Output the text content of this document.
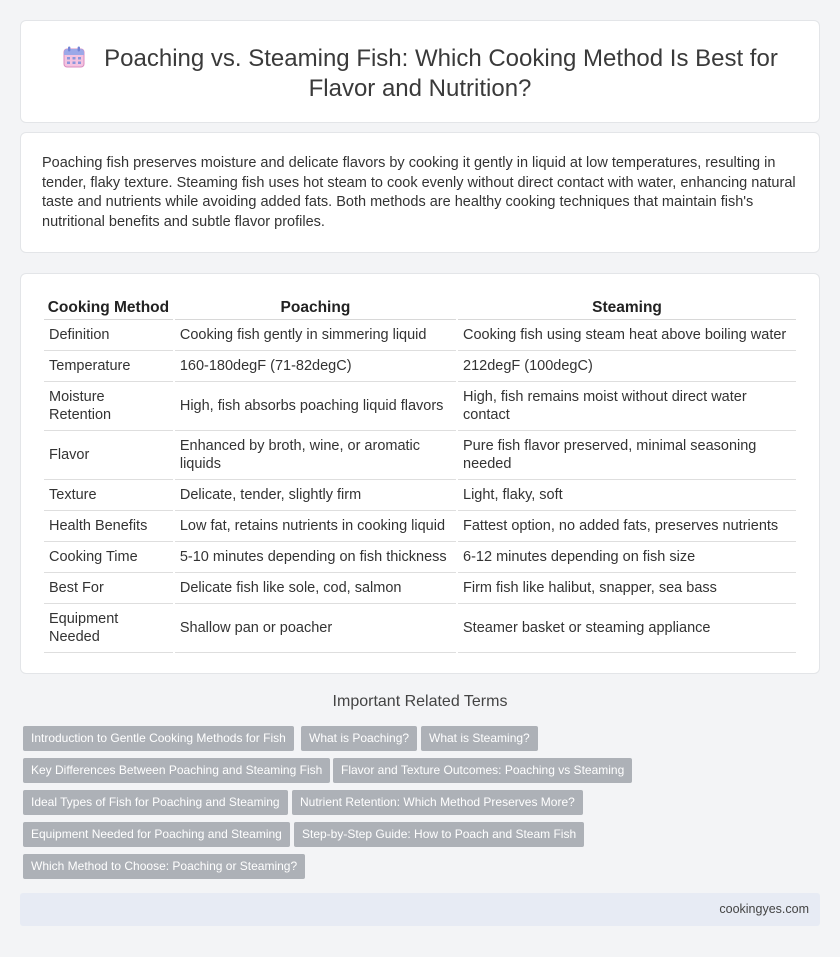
Poaching vs. Steaming Fish: Which Cooking Method Is Best for Flavor and Nutrition?

Poaching fish preserves moisture and delicate flavors by cooking it gently in liquid at low temperatures, resulting in tender, flaky texture. Steaming fish uses hot steam to cook evenly without direct contact with water, enhancing natural taste and nutrients while avoiding added fats. Both methods are healthy cooking techniques that maintain fish's nutritional benefits and subtle flavor profiles.

Cooking Method	Poaching	Steaming
Definition	Cooking fish gently in simmering liquid	Cooking fish using steam heat above boiling water
Temperature	160-180degF (71-82degC)	212degF (100degC)
Moisture Retention	High, fish absorbs poaching liquid flavors	High, fish remains moist without direct water contact
Flavor	Enhanced by broth, wine, or aromatic liquids	Pure fish flavor preserved, minimal seasoning needed
Texture	Delicate, tender, slightly firm	Light, flaky, soft
Health Benefits	Low fat, retains nutrients in cooking liquid	Fattest option, no added fats, preserves nutrients
Cooking Time	5-10 minutes depending on fish thickness	6-12 minutes depending on fish size
Best For	Delicate fish like sole, cod, salmon	Firm fish like halibut, snapper, sea bass
Equipment Needed	Shallow pan or poacher	Steamer basket or steaming appliance
Important Related Terms
Introduction to Gentle Cooking Methods for Fish	What is Poaching?	What is Steaming?
Key Differences Between Poaching and Steaming Fish	Flavor and Texture Outcomes: Poaching vs Steaming
Ideal Types of Fish for Poaching and Steaming	Nutrient Retention: Which Method Preserves More?
Equipment Needed for Poaching and Steaming	Step-by-Step Guide: How to Poach and Steam Fish
Which Method to Choose: Poaching or Steaming?
cookingyes.com
